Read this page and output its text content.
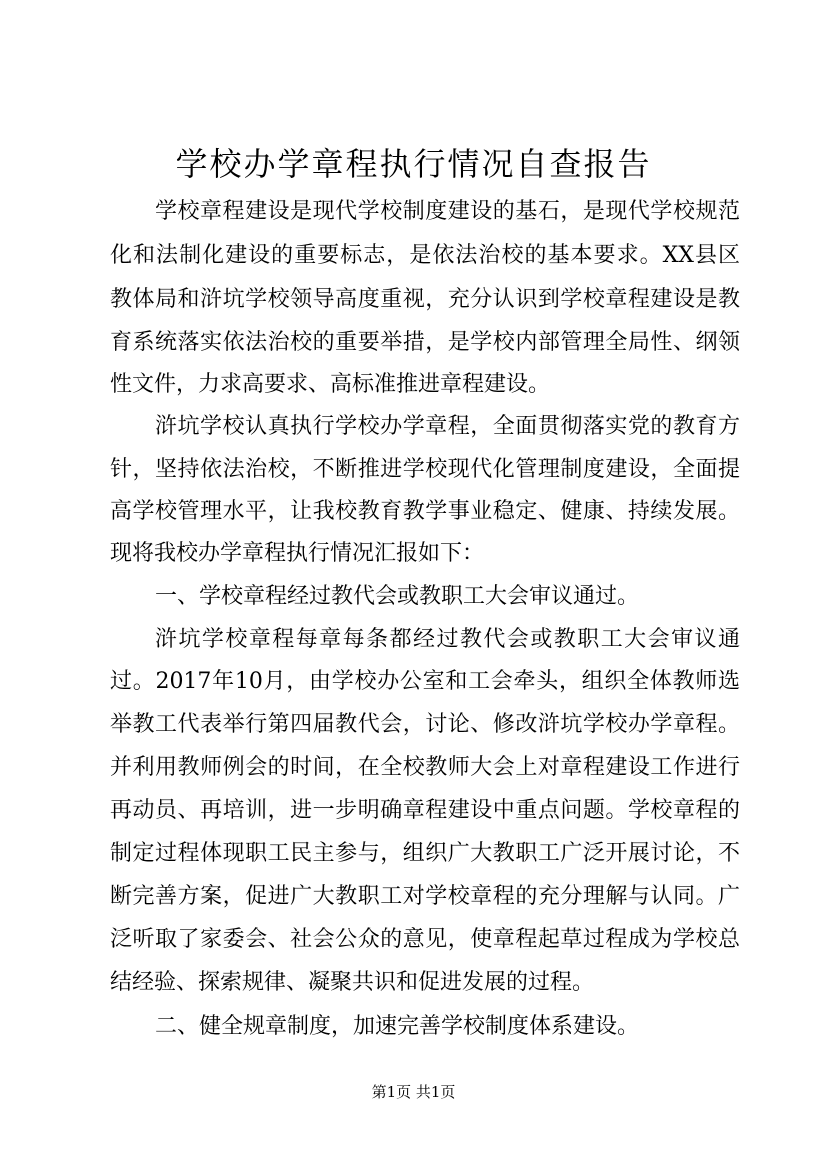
学校办学章程执行情况自查报告
学校章程建设是现代学校制度建设的基石，是现代学校规范
化和法制化建设的重要标志，是依法治校的基本要求。XX县区
教体局和浒坑学校领导高度重视，充分认识到学校章程建设是教
育系统落实依法治校的重要举措，是学校内部管理全局性、纲领
性文件，力求高要求、高标准推进章程建设。
浒坑学校认真执行学校办学章程，全面贯彻落实党的教育方
针，坚持依法治校，不断推进学校现代化管理制度建设，全面提
高学校管理水平，让我校教育教学事业稳定、健康、持续发展。
现将我校办学章程执行情况汇报如下：
一、学校章程经过教代会或教职工大会审议通过。
浒坑学校章程每章每条都经过教代会或教职工大会审议通
过。2017年10月，由学校办公室和工会牵头，组织全体教师选
举教工代表举行第四届教代会，讨论、修改浒坑学校办学章程。
并利用教师例会的时间，在全校教师大会上对章程建设工作进行
再动员、再培训，进一步明确章程建设中重点问题。学校章程的
制定过程体现职工民主参与，组织广大教职工广泛开展讨论，不
断完善方案，促进广大教职工对学校章程的充分理解与认同。广
泛听取了家委会、社会公众的意见，使章程起草过程成为学校总
结经验、探索规律、凝聚共识和促进发展的过程。
二、健全规章制度，加速完善学校制度体系建设。
第1页 共1页
